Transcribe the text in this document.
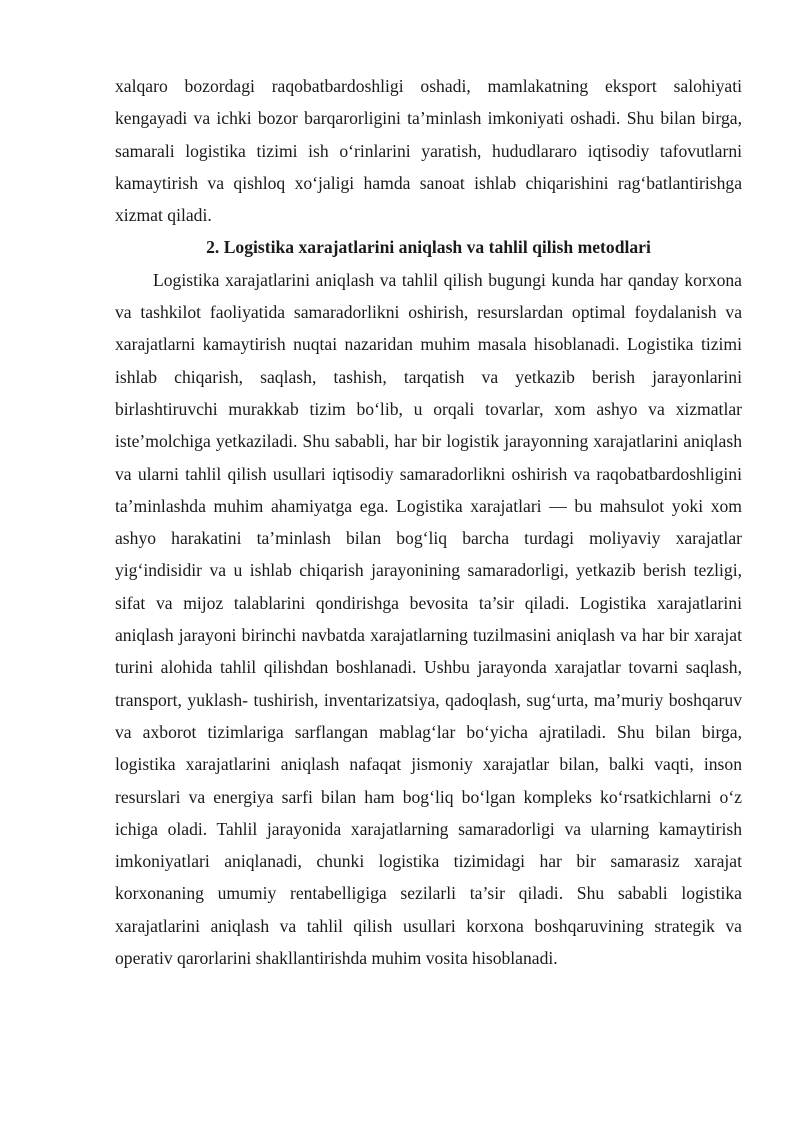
xalqaro bozordagi raqobatbardoshligi oshadi, mamlakatning eksport salohiyati kengayadi va ichki bozor barqarorligini ta’minlash imkoniyati oshadi. Shu bilan birga, samarali logistika tizimi ish o‘rinlarini yaratish, hududlararo iqtisodiy tafovutlarni kamaytirish va qishloq xo‘jaligi hamda sanoat ishlab chiqarishini rag‘batlantirishga xizmat qiladi.

2. Logistika xarajatlarini aniqlash va tahlil qilish metodlari

Logistika xarajatlarini aniqlash va tahlil qilish bugungi kunda har qanday korxona va tashkilot faoliyatida samaradorlikni oshirish, resurslardan optimal foydalanish va xarajatlarni kamaytirish nuqtai nazaridan muhim masala hisoblanadi. Logistika tizimi ishlab chiqarish, saqlash, tashish, tarqatish va yetkazib berish jarayonlarini birlashtiruvchi murakkab tizim bo‘lib, u orqali tovarlar, xom ashyo va xizmatlar iste’molchiga yetkaziladi. Shu sababli, har bir logistik jarayonning xarajatlarini aniqlash va ularni tahlil qilish usullari iqtisodiy samaradorlikni oshirish va raqobatbardoshligini ta’minlashda muhim ahamiyatga ega. Logistika xarajatlari — bu mahsulot yoki xom ashyo harakatini ta’minlash bilan bog‘liq barcha turdagi moliyaviy xarajatlar yig‘indisidir va u ishlab chiqarish jarayonining samaradorligi, yetkazib berish tezligi, sifat va mijoz talablarini qondirishga bevosita ta’sir qiladi. Logistika xarajatlarini aniqlash jarayoni birinchi navbatda xarajatlarning tuzilmasini aniqlash va har bir xarajat turini alohida tahlil qilishdan boshlanadi. Ushbu jarayonda xarajatlar tovarni saqlash, transport, yuklash- tushirish, inventarizatsiya, qadoqlash, sug‘urta, ma’muriy boshqaruv va axborot tizimlariga sarflangan mablag‘lar bo‘yicha ajratiladi. Shu bilan birga, logistika xarajatlarini aniqlash nafaqat jismoniy xarajatlar bilan, balki vaqti, inson resurslari va energiya sarfi bilan ham bog‘liq bo‘lgan kompleks ko‘rsatkichlarni o‘z ichiga oladi. Tahlil jarayonida xarajatlarning samaradorligi va ularning kamaytirish imkoniyatlari aniqlanadi, chunki logistika tizimidagi har bir samarasiz xarajat korxonaning umumiy rentabelligiga sezilarli ta’sir qiladi. Shu sababli logistika xarajatlarini aniqlash va tahlil qilish usullari korxona boshqaruvining strategik va operativ qarorlarini shakllantirishda muhim vosita hisoblanadi.
